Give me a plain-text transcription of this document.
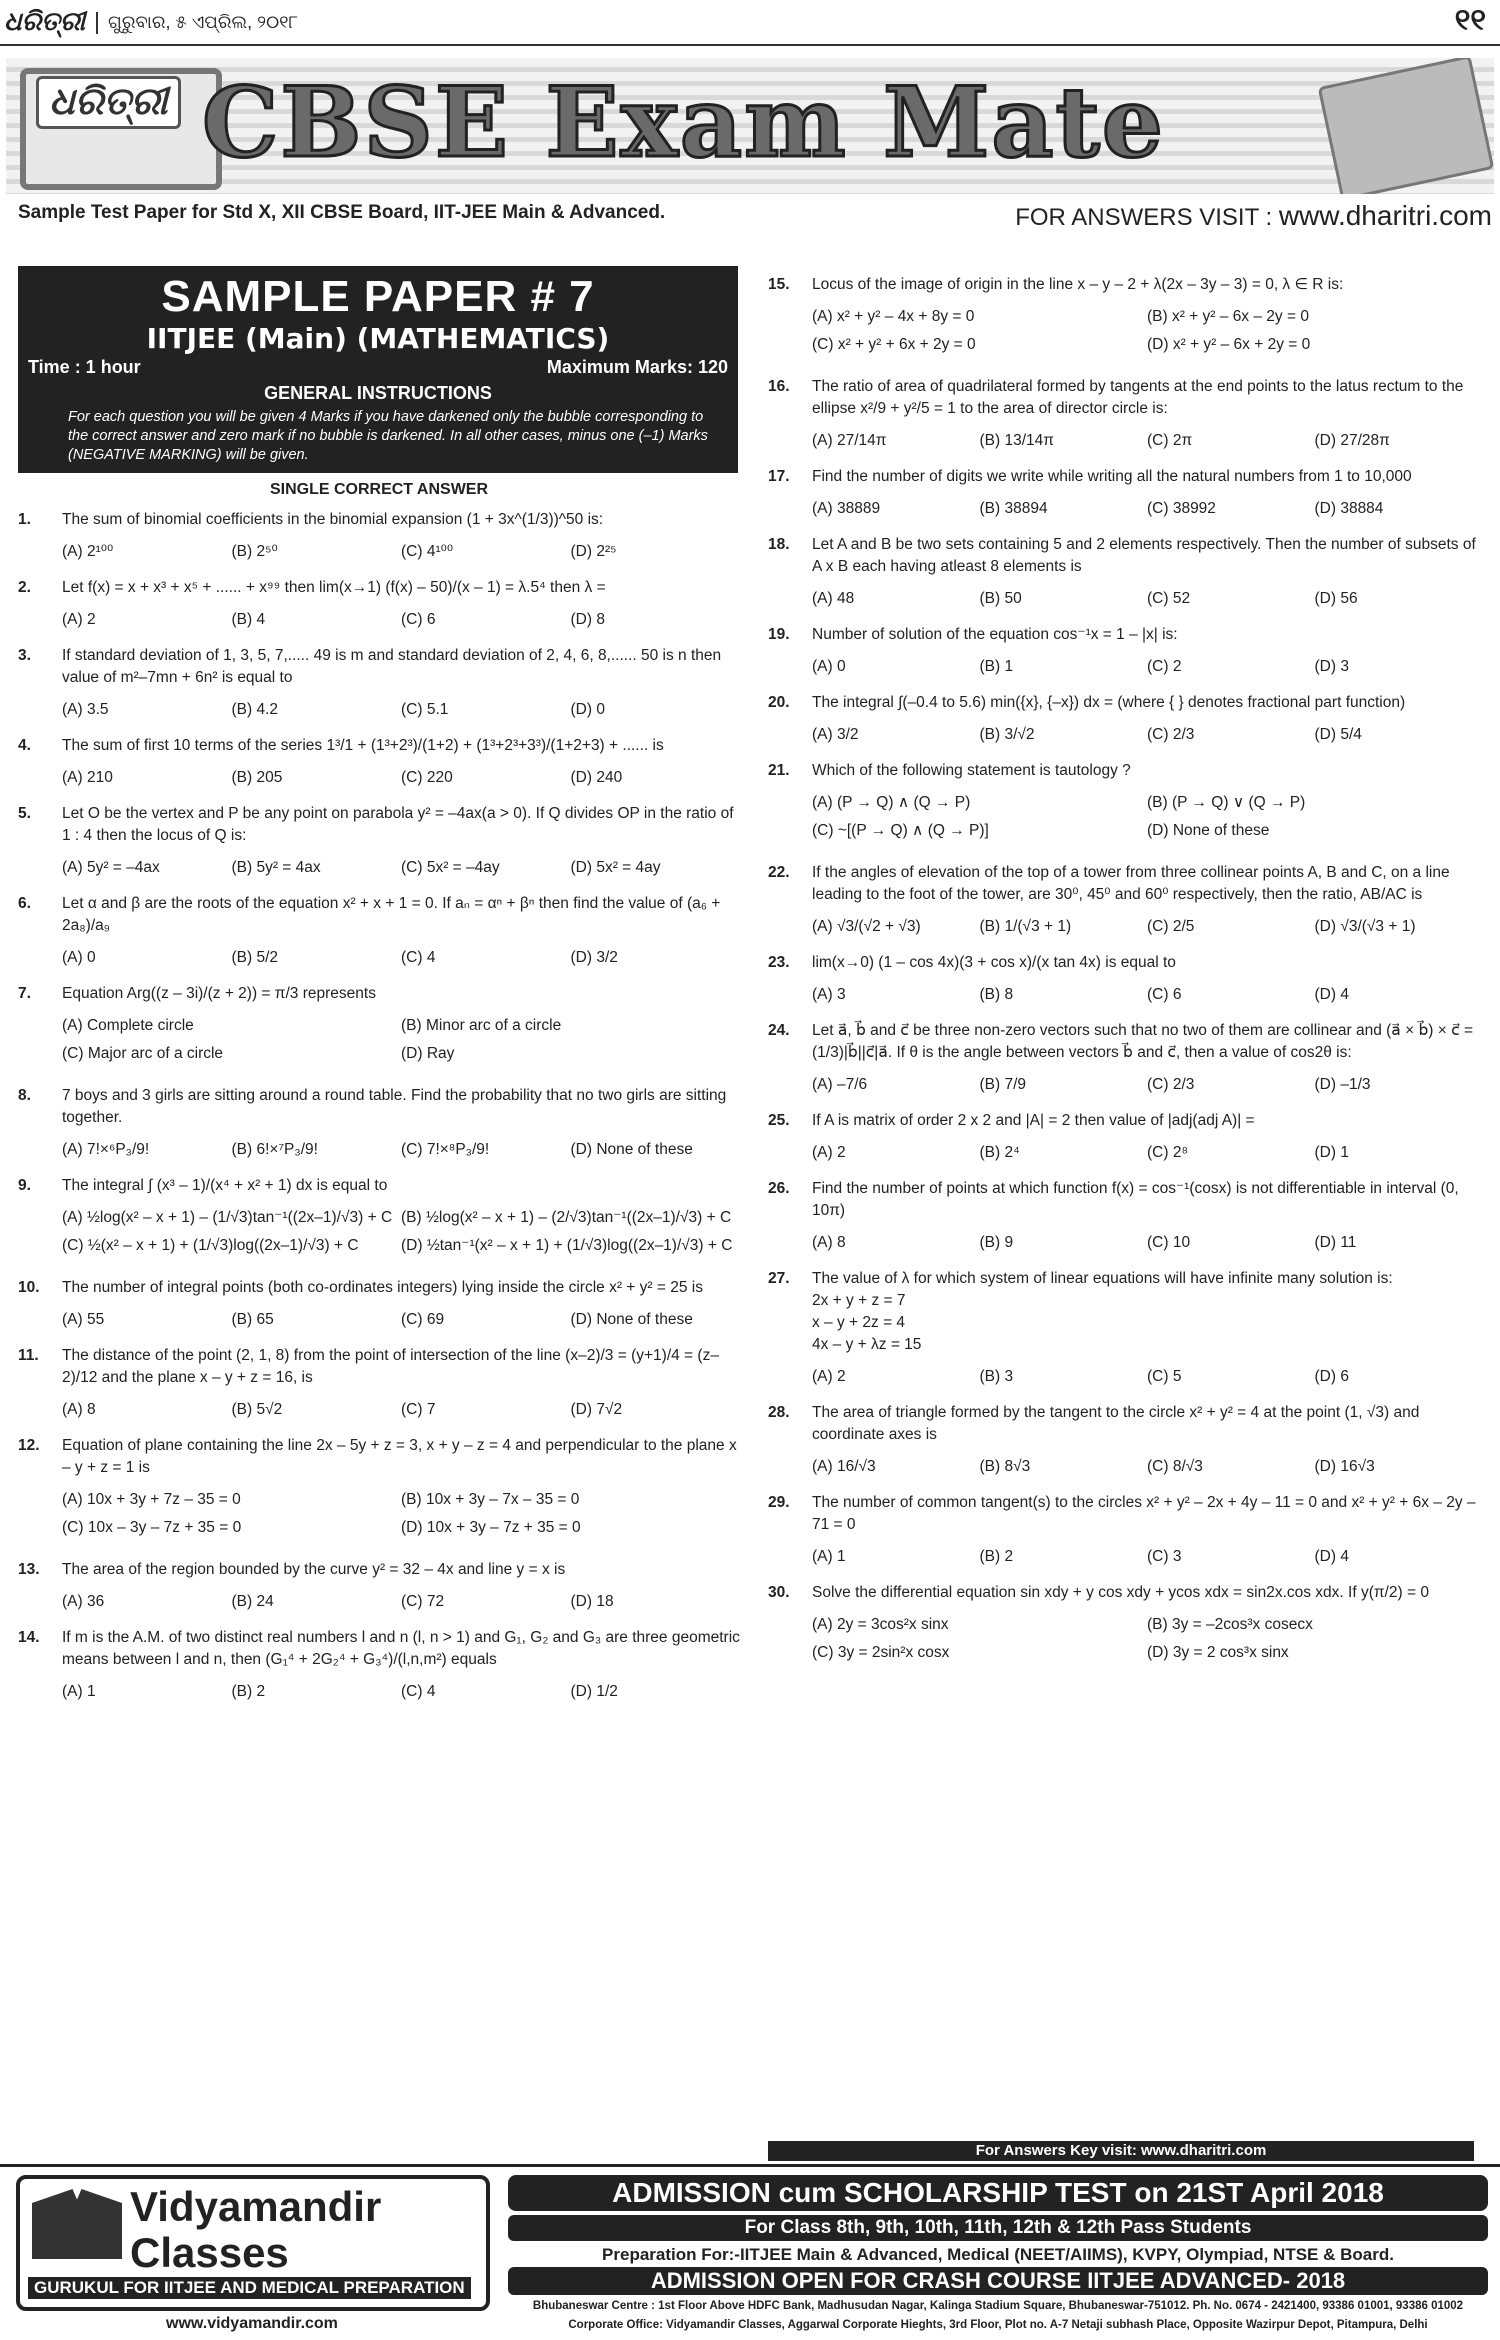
ଧରିତ୍ରୀ	ଗୁରୁବାର, ୫ ଏପ୍ରିଲ, ୨୦୧୮	୧୧
ଧରିତ୍ରୀ CBSE Exam Mate
Sample Test Paper for Std X, XII CBSE Board, IIT-JEE Main & Advanced.	FOR ANSWERS VISIT : www.dharitri.com
SAMPLE PAPER # 7
IITJEE (Main) (MATHEMATICS)
Time : 1 hour	Maximum Marks: 120
GENERAL INSTRUCTIONS
For each question you will be given 4 Marks if you have darkened only the bubble corresponding to the correct answer and zero mark if no bubble is darkened. In all other cases, minus one (–1) Marks (NEGATIVE MARKING) will be given.
SINGLE CORRECT ANSWER
1.	The sum of binomial coefficients in the binomial expansion (1 + 3x^(1/3))^50 is:
(A) 2¹⁰⁰	(B) 2⁵⁰	(C) 4¹⁰⁰	(D) 2²⁵
2.	Let f(x) = x + x³ + x⁵ + ...... + x⁹⁹ then lim(x→1) (f(x) – 50)/(x – 1) = λ.5⁴ then λ =
(A) 2	(B) 4	(C) 6	(D) 8
3.	If standard deviation of 1, 3, 5, 7,..... 49 is m and standard deviation of 2, 4, 6, 8,...... 50 is n then value of m²–7mn + 6n² is equal to
(A) 3.5	(B) 4.2	(C) 5.1	(D) 0
4.	The sum of first 10 terms of the series 1³/1 + (1³+2³)/(1+2) + (1³+2³+3³)/(1+2+3) + ...... is
(A) 210	(B) 205	(C) 220	(D) 240
5.	Let O be the vertex and P be any point on parabola y² = –4ax(a > 0). If Q divides OP in the ratio of 1 : 4 then the locus of Q is:
(A) 5y² = –4ax	(B) 5y² = 4ax	(C) 5x² = –4ay	(D) 5x² = 4ay
6.	Let α and β are the roots of the equation x² + x + 1 = 0. If aₙ = αⁿ + βⁿ then find the value of (a₆ + 2a₈)/a₉
(A) 0	(B) 5/2	(C) 4	(D) 3/2
7.	Equation Arg((z – 3i)/(z + 2)) = π/3 represents
(A) Complete circle	(B) Minor arc of a circle
(C) Major arc of a circle	(D) Ray
8.	7 boys and 3 girls are sitting around a round table. Find the probability that no two girls are sitting together.
(A) 7!×⁶P₃/9!	(B) 6!×⁷P₃/9!	(C) 7!×⁸P₃/9!	(D) None of these
9.	The integral ∫ (x³ – 1)/(x⁴ + x² + 1) dx is equal to
(A) ½log(x² – x + 1) – (1/√3)tan⁻¹((2x–1)/√3) + C (B) ½log(x² – x + 1) – (2/√3)tan⁻¹((2x–1)/√3) + C
(C) ½(x² – x + 1) + (1/√3)log((2x–1)/√3) + C	(D) ½tan⁻¹(x² – x + 1) + (1/√3)log((2x–1)/√3) + C
10.	The number of integral points (both co-ordinates integers) lying inside the circle x² + y² = 25 is
(A) 55	(B) 65	(C) 69	(D) None of these
11.	The distance of the point (2, 1, 8) from the point of intersection of the line (x–2)/3 = (y+1)/4 = (z–2)/12 and the plane x – y + z = 16, is
(A) 8	(B) 5√2	(C) 7	(D) 7√2
12.	Equation of plane containing the line 2x – 5y + z = 3, x + y – z = 4 and perpendicular to the plane x – y + z = 1 is
(A) 10x + 3y + 7z – 35 = 0	(B) 10x + 3y – 7x – 35 = 0
(C) 10x – 3y – 7z + 35 = 0	(D) 10x + 3y – 7z + 35 = 0
13.	The area of the region bounded by the curve y² = 32 – 4x and line y = x is
(A) 36	(B) 24	(C) 72	(D) 18
14.	If m is the A.M. of two distinct real numbers l and n (l, n > 1) and G₁, G₂ and G₃ are three geometric means between l and n, then (G₁⁴ + 2G₂⁴ + G₃⁴)/(l,n,m²) equals
(A) 1	(B) 2	(C) 4	(D) 1/2
15.	Locus of the image of origin in the line x – y – 2 + λ(2x – 3y – 3) = 0, λ ∈ R is:
(A) x² + y² – 4x + 8y = 0	(B) x² + y² – 6x – 2y = 0
(C) x² + y² + 6x + 2y = 0	(D) x² + y² – 6x + 2y = 0
16.	The ratio of area of quadrilateral formed by tangents at the end points to the latus rectum to the ellipse x²/9 + y²/5 = 1 to the area of director circle is:
(A) 27/14π	(B) 13/14π	(C) 2π	(D) 27/28π
17.	Find the number of digits we write while writing all the natural numbers from 1 to 10,000
(A) 38889	(B) 38894	(C) 38992	(D) 38884
18.	Let A and B be two sets containing 5 and 2 elements respectively. Then the number of subsets of A x B each having atleast 8 elements is
(A) 48	(B) 50	(C) 52	(D) 56
19.	Number of solution of the equation cos⁻¹x = 1 – |x| is:
(A) 0	(B) 1	(C) 2	(D) 3
20.	The integral ∫(–0.4 to 5.6) min({x}, {–x}) dx = (where { } denotes fractional part function)
(A) 3/2	(B) 3/√2	(C) 2/3	(D) 5/4
21.	Which of the following statement is tautology ?
(A) (P → Q) ∧ (Q → P)	(B) (P → Q) ∨ (Q → P)
(C) ~[(P → Q) ∧ (Q → P)]	(D) None of these
22.	If the angles of elevation of the top of a tower from three collinear points A, B and C, on a line leading to the foot of the tower, are 30⁰, 45⁰ and 60⁰ respectively, then the ratio, AB/AC is
(A) √3/(√2 + √3)	(B) 1/(√3 + 1)	(C) 2/5	(D) √3/(√3 + 1)
23.	lim(x→0) (1 – cos 4x)(3 + cos x)/(x tan 4x) is equal to
(A) 3	(B) 8	(C) 6	(D) 4
24.	Let a⃗, b⃗ and c⃗ be three non-zero vectors such that no two of them are collinear and (a⃗ × b⃗) × c⃗ = (1/3)|b⃗||c⃗|a⃗. If θ is the angle between vectors b⃗ and c⃗, then a value of cos2θ is:
(A) –7/6	(B) 7/9	(C) 2/3	(D) –1/3
25.	If A is matrix of order 2 x 2 and |A| = 2 then value of |adj(adj A)| =
(A) 2	(B) 2⁴	(C) 2⁸	(D) 1
26.	Find the number of points at which function f(x) = cos⁻¹(cosx) is not differentiable in interval (0, 10π)
(A) 8	(B) 9	(C) 10	(D) 11
27.	The value of λ for which system of linear equations will have infinite many solution is:
2x + y + z = 7
x – y + 2z = 4
4x – y + λz = 15
(A) 2	(B) 3	(C) 5	(D) 6
28.	The area of triangle formed by the tangent to the circle x² + y² = 4 at the point (1, √3) and coordinate axes is
(A) 16/√3	(B) 8√3	(C) 8/√3	(D) 16√3
29.	The number of common tangent(s) to the circles x² + y² – 2x + 4y – 11 = 0 and x² + y² + 6x – 2y – 71 = 0
(A) 1	(B) 2	(C) 3	(D) 4
30.	Solve the differential equation sin xdy + y cos xdy + ycos xdx = sin2x.cos xdx. If y(π/2) = 0
(A) 2y = 3cos²x sinx	(B) 3y = –2cos³x cosecx
(C) 3y = 2sin²x cosx	(D) 3y = 2 cos³x sinx
For Answers Key visit: www.dharitri.com
Vidyamandir
Classes
GURUKUL FOR IITJEE AND MEDICAL PREPARATION
www.vidyamandir.com
ADMISSION cum SCHOLARSHIP TEST on 21ST April 2018
For Class 8th, 9th, 10th, 11th, 12th & 12th Pass Students
Preparation For:-IITJEE Main & Advanced, Medical (NEET/AIIMS), KVPY, Olympiad, NTSE & Board.
ADMISSION OPEN FOR CRASH COURSE IITJEE ADVANCED- 2018
Bhubaneswar Centre : 1st Floor Above HDFC Bank, Madhusudan Nagar, Kalinga Stadium Square, Bhubaneswar-751012. Ph. No. 0674 - 2421400, 93386 01001, 93386 01002
Corporate Office: Vidyamandir Classes, Aggarwal Corporate Hieghts, 3rd Floor, Plot no. A-7 Netaji subhash Place, Opposite Wazirpur Depot, Pitampura, Delhi
